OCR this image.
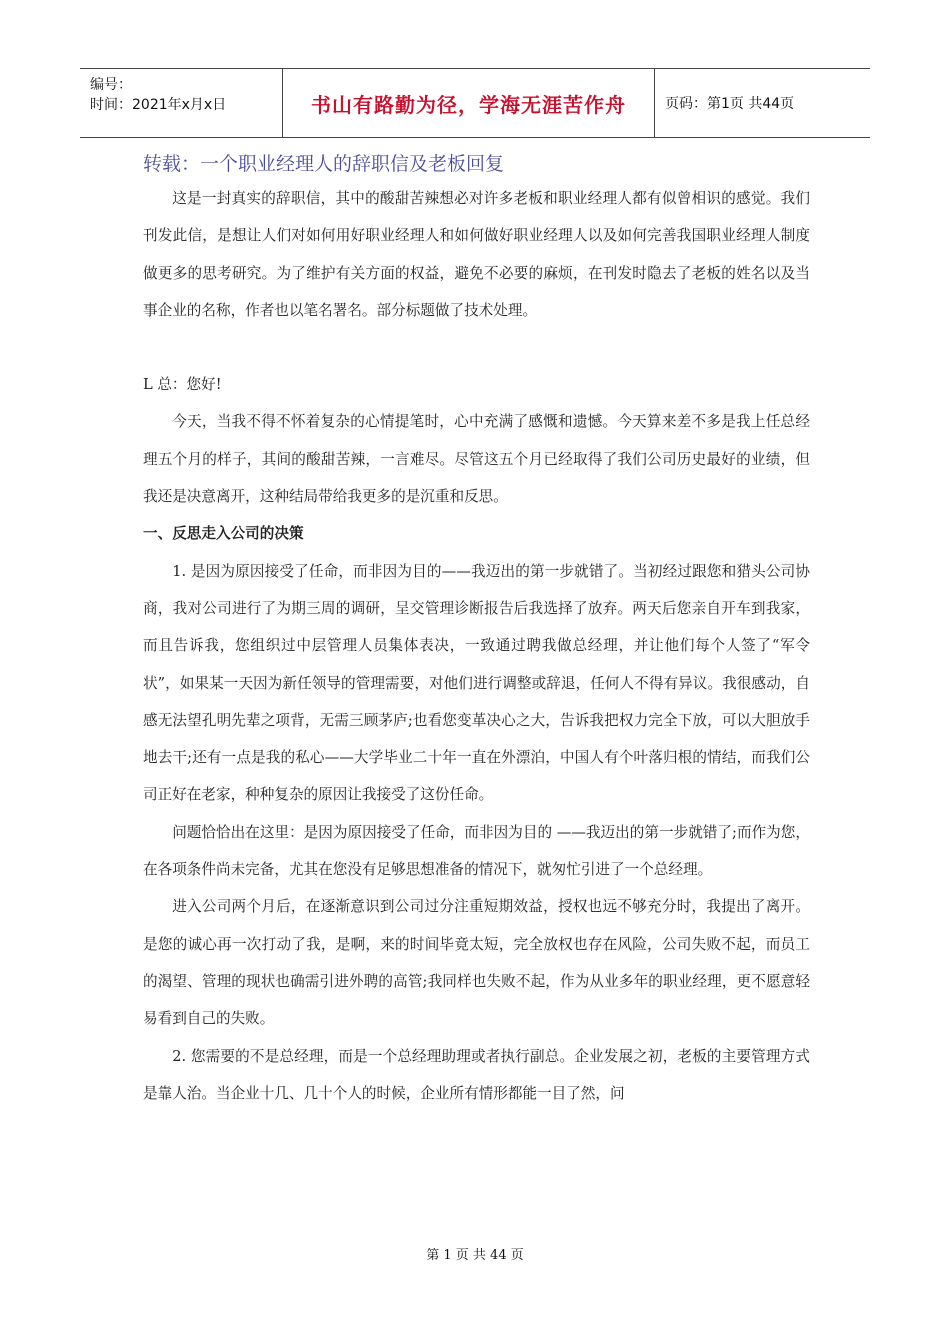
编号：
时间：2021年x月x日	书山有路勤为径，学海无涯苦作舟	页码：第1页 共44页
转载：一个职业经理人的辞职信及老板回复

这是一封真实的辞职信，其中的酸甜苦辣想必对许多老板和职业经理人都有似曾相识的感觉。我们刊发此信，是想让人们对如何用好职业经理人和如何做好职业经理人以及如何完善我国职业经理人制度做更多的思考研究。为了维护有关方面的权益，避免不必要的麻烦，在刊发时隐去了老板的姓名以及当事企业的名称，作者也以笔名署名。部分标题做了技术处理。

L 总：您好!

今天，当我不得不怀着复杂的心情提笔时，心中充满了感慨和遗憾。今天算来差不多是我上任总经理五个月的样子，其间的酸甜苦辣，一言难尽。尽管这五个月已经取得了我们公司历史最好的业绩，但我还是决意离开，这种结局带给我更多的是沉重和反思。

一、反思走入公司的决策

1. 是因为原因接受了任命，而非因为目的——我迈出的第一步就错了。当初经过跟您和猎头公司协商，我对公司进行了为期三周的调研，呈交管理诊断报告后我选择了放弃。两天后您亲自开车到我家，而且告诉我，您组织过中层管理人员集体表决，一致通过聘我做总经理，并让他们每个人签了“军令状”，如果某一天因为新任领导的管理需要，对他们进行调整或辞退，任何人不得有异议。我很感动，自感无法望孔明先辈之项背，无需三顾茅庐;也看您变革决心之大，告诉我把权力完全下放，可以大胆放手地去干;还有一点是我的私心——大学毕业二十年一直在外漂泊，中国人有个叶落归根的情结，而我们公司正好在老家，种种复杂的原因让我接受了这份任命。

问题恰恰出在这里：是因为原因接受了任命，而非因为目的 ——我迈出的第一步就错了;而作为您，在各项条件尚未完备，尤其在您没有足够思想准备的情况下，就匆忙引进了一个总经理。

进入公司两个月后，在逐渐意识到公司过分注重短期效益，授权也远不够充分时，我提出了离开。是您的诚心再一次打动了我，是啊，来的时间毕竟太短，完全放权也存在风险，公司失败不起，而员工的渴望、管理的现状也确需引进外聘的高管;我同样也失败不起，作为从业多年的职业经理，更不愿意轻易看到自己的失败。

2. 您需要的不是总经理，而是一个总经理助理或者执行副总。企业发展之初，老板的主要管理方式是靠人治。当企业十几、几十个人的时候，企业所有情形都能一目了然，问

第 1 页 共 44 页
